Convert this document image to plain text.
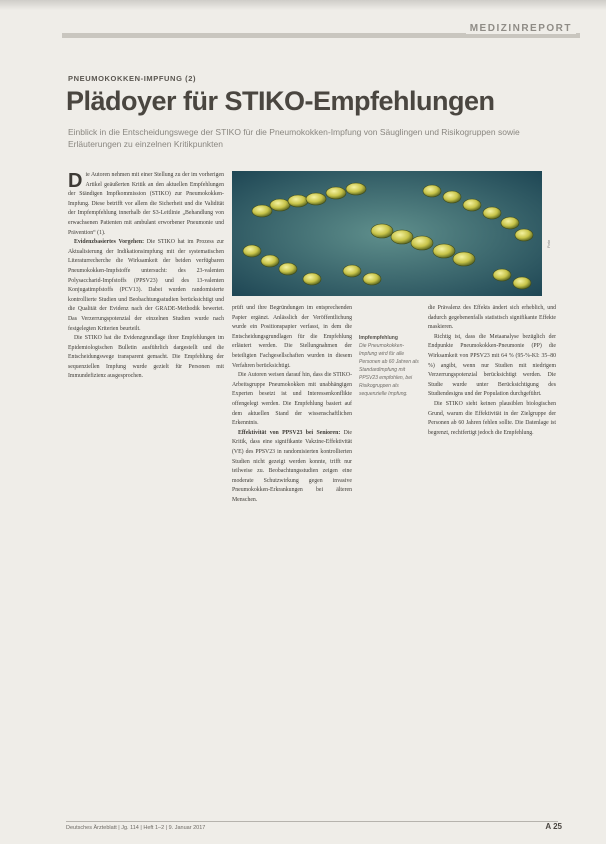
MEDIZINREPORT
PNEUMOKOKKEN-IMPFUNG (2)
Plädoyer für STIKO-Empfehlungen
Einblick in die Entscheidungswege der STIKO für die Pneumokokken-Impfung von Säuglingen und Risikogruppen sowie Erläuterungen zu einzelnen Kritikpunkten

Die Autoren nehmen mit einer Stellung zu der im vorherigen Artikel geäußerten Kritik an den aktuellen Empfehlungen der Ständigen Impfkommission (STIKO) zur Pneumokokken-Impfung. Diese betrifft vor allem die Sicherheit und die Validität der Impfempfehlung innerhalb der S3-Leitlinie „Behandlung von erwachsenen Patienten mit ambulant erworbener Pneumonie und Prävention“ (1).

Evidenzbasiertes Vorgehen: Die STIKO hat im Prozess zur Aktualisierung der Indikationsimpfung mit der systematischen Literaturrecherche die Wirksamkeit der beiden verfügbaren Pneumokokken-Impfstoffe untersucht: des 23-valenten Polysaccharid-Impfstoffs (PPSV23) und des 13-valenten Konjugatimpfstoffs (PCV13). Dabei wurden randomisierte kontrollierte Studien und Beobachtungsstudien berücksichtigt und die Qualität der Evidenz nach der GRADE-Methodik bewertet. Das Verzerrungspotenzial der einzelnen Studien wurde nach festgelegten Kriterien beurteilt.

Die STIKO hat die Evidenzgrundlage ihrer Empfehlungen im Epidemiologischen Bulletin ausführlich dargestellt und die Entscheidungswege transparent gemacht. Die Empfehlung der sequenziellen Impfung wurde gezielt für Personen mit Immundefizienz ausgesprochen.

Foto

prüft und ihre Begründungen im entsprechenden Papier ergänzt. Anlässlich der Veröffentlichung wurde ein Positionspapier verfasst, in dem die Entscheidungsgrundlagen für die Empfehlung erläutert werden. Die Stellungnahmen der beteiligten Fachgesellschaften wurden in diesem Verfahren berücksichtigt.

Die Autoren weisen darauf hin, dass die STIKO-Arbeitsgruppe Pneumokokken mit unabhängigen Experten besetzt ist und Interessenkonflikte offengelegt werden. Die Empfehlung basiert auf dem aktuellen Stand der wissenschaftlichen Erkenntnis.

Effektivität von PPSV23 bei Senioren: Die Kritik, dass eine signifikante Vakzine-Effektivität (VE) des PPSV23 in randomisierten kontrollierten Studien nicht gezeigt werden konnte, trifft nur teilweise zu. Beobachtungsstudien zeigen eine moderate Schutzwirkung gegen invasive Pneumokokken-Erkrankungen bei älteren Menschen.

Impfempfehlung
Die Pneumokokken-Impfung wird für alle Personen ab 60 Jahren als Standardimpfung mit PPSV23 empfohlen, bei Risikogruppen als sequenzielle Impfung.

die Prävalenz des Effekts ändert sich erheblich, und dadurch gegebenenfalls statistisch signifikante Effekte maskieren.

Richtig ist, dass die Metaanalyse bezüglich der Endpunkte Pneumokokken-Pneumonie (PP) die Wirksamkeit von PPSV23 mit 64 % (95-%-KI: 35–80 %) angibt, wenn nur Studien mit niedrigem Verzerrungspotenzial berücksichtigt werden. Die Studie wurde unter Berücksichtigung des Studiendesigns und der Population durchgeführt.

Die STIKO sieht keinen plausiblen biologischen Grund, warum die Effektivität in der Zielgruppe der Personen ab 60 Jahren fehlen sollte. Die Datenlage ist begrenzt, rechtfertigt jedoch die Empfehlung.

Deutsches Ärzteblatt | Jg. 114 | Heft 1–2 | 9. Januar 2017	A 25
